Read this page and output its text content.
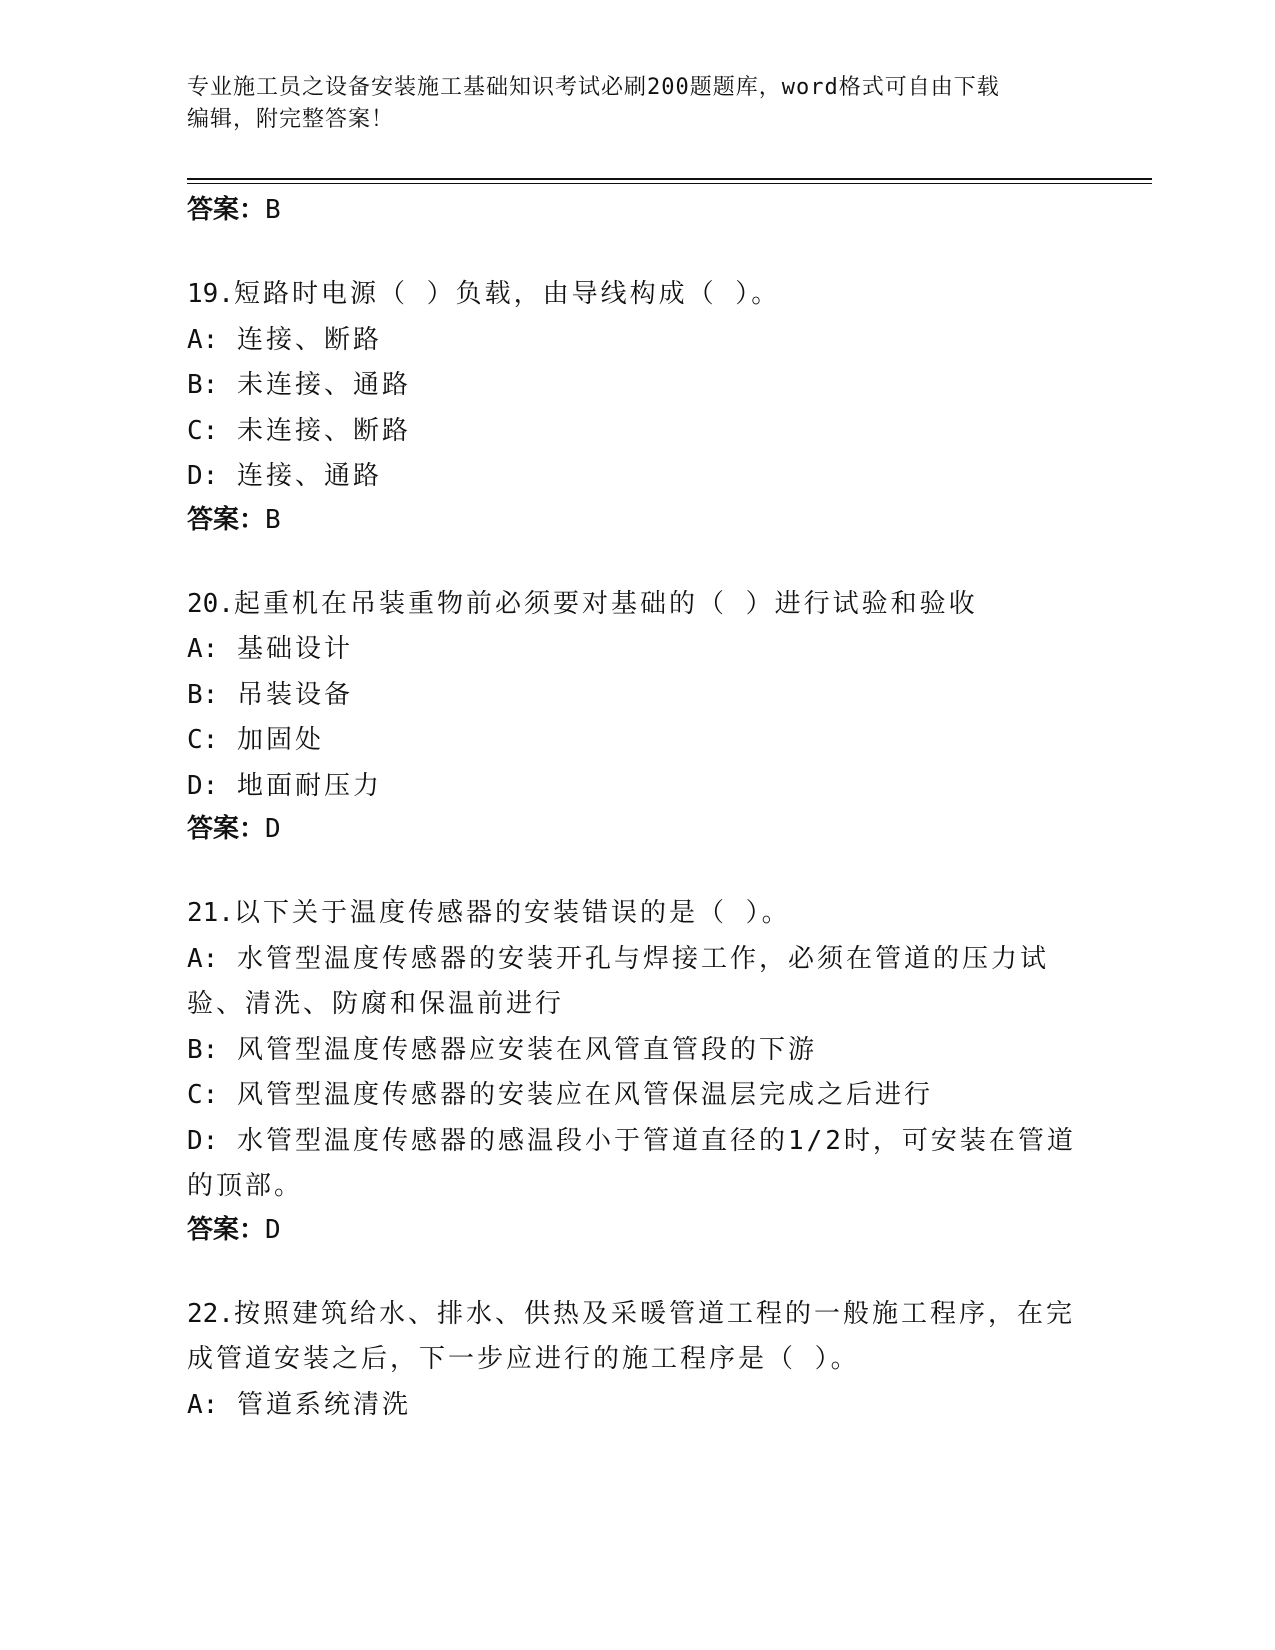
专业施工员之设备安装施工基础知识考试必刷200题题库，word格式可自由下载
编辑，附完整答案！

答案：B

19.短路时电源（ ）负载，由导线构成（ ）。

A: 连接、断路

B: 未连接、通路

C: 未连接、断路

D: 连接、通路

答案：B

20.起重机在吊装重物前必须要对基础的（ ）进行试验和验收

A: 基础设计

B: 吊装设备

C: 加固处

D: 地面耐压力

答案：D

21.以下关于温度传感器的安装错误的是（ ）。

A: 水管型温度传感器的安装开孔与焊接工作，必须在管道的压力试验、清洗、防腐和保温前进行

B: 风管型温度传感器应安装在风管直管段的下游

C: 风管型温度传感器的安装应在风管保温层完成之后进行

D: 水管型温度传感器的感温段小于管道直径的1/2时，可安装在管道的顶部。

答案：D

22.按照建筑给水、排水、供热及采暖管道工程的一般施工程序，在完成管道安装之后，下一步应进行的施工程序是（ ）。

A: 管道系统清洗
